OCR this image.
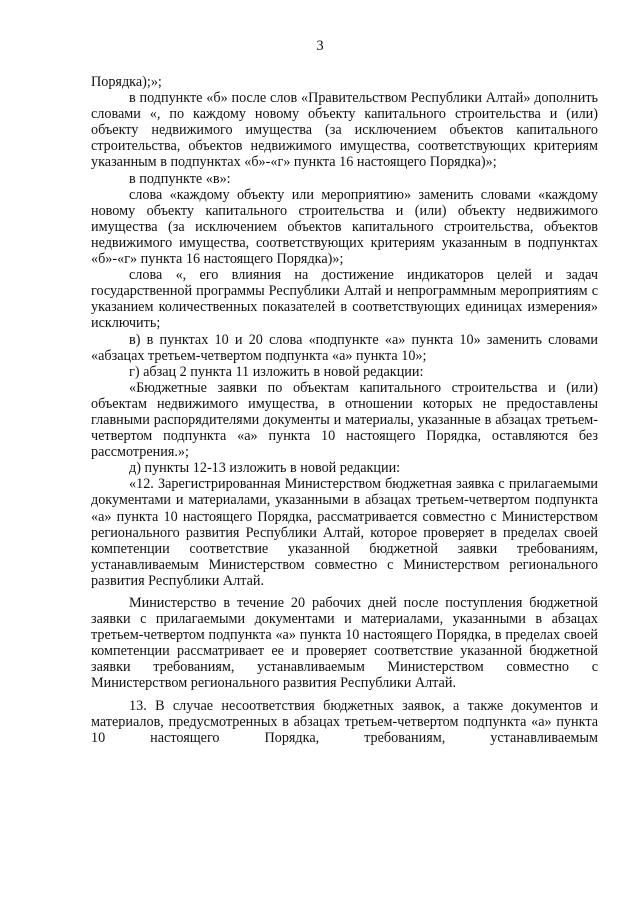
3

Порядка);»;

в подпункте «б» после слов «Правительством Республики Алтай» дополнить словами «, по каждому новому объекту капитального строительства и (или) объекту недвижимого имущества (за исключением объектов капитального строительства, объектов недвижимого имущества, соответствующих критериям указанным в подпунктах «б»-«г» пункта 16 настоящего Порядка)»;

в подпункте «в»:

слова «каждому объекту или мероприятию» заменить словами «каждому новому объекту капитального строительства и (или) объекту недвижимого имущества (за исключением объектов капитального строительства, объектов недвижимого имущества, соответствующих критериям указанным в подпунктах «б»-«г» пункта 16 настоящего Порядка)»;

слова «, его влияния на достижение индикаторов целей и задач государственной программы Республики Алтай и непрограммным мероприятиям с указанием количественных показателей в соответствующих единицах измерения» исключить;

в) в пунктах 10 и 20 слова «подпункте «а» пункта 10» заменить словами «абзацах третьем-четвертом подпункта «а» пункта 10»;

г) абзац 2 пункта 11 изложить в новой редакции:

«Бюджетные заявки по объектам капитального строительства и (или) объектам недвижимого имущества, в отношении которых не предоставлены главными распорядителями документы и материалы, указанные в абзацах третьем-четвертом подпункта «а» пункта 10 настоящего Порядка, оставляются без рассмотрения.»;

д) пункты 12-13 изложить в новой редакции:

«12. Зарегистрированная Министерством бюджетная заявка с прилагаемыми документами и материалами, указанными в абзацах третьем-четвертом подпункта «а» пункта 10 настоящего Порядка, рассматривается совместно с Министерством регионального развития Республики Алтай, которое проверяет в пределах своей компетенции соответствие указанной бюджетной заявки требованиям, устанавливаемым Министерством совместно с Министерством регионального развития Республики Алтай.

Министерство в течение 20 рабочих дней после поступления бюджетной заявки с прилагаемыми документами и материалами, указанными в абзацах третьем-четвертом подпункта «а» пункта 10 настоящего Порядка, в пределах своей компетенции рассматривает ее и проверяет соответствие указанной бюджетной заявки требованиям, устанавливаемым Министерством совместно с Министерством регионального развития Республики Алтай.

13. В случае несоответствия бюджетных заявок, а также документов и материалов, предусмотренных в абзацах третьем-четвертом подпункта «а» пункта 10 настоящего Порядка, требованиям, устанавливаемым
